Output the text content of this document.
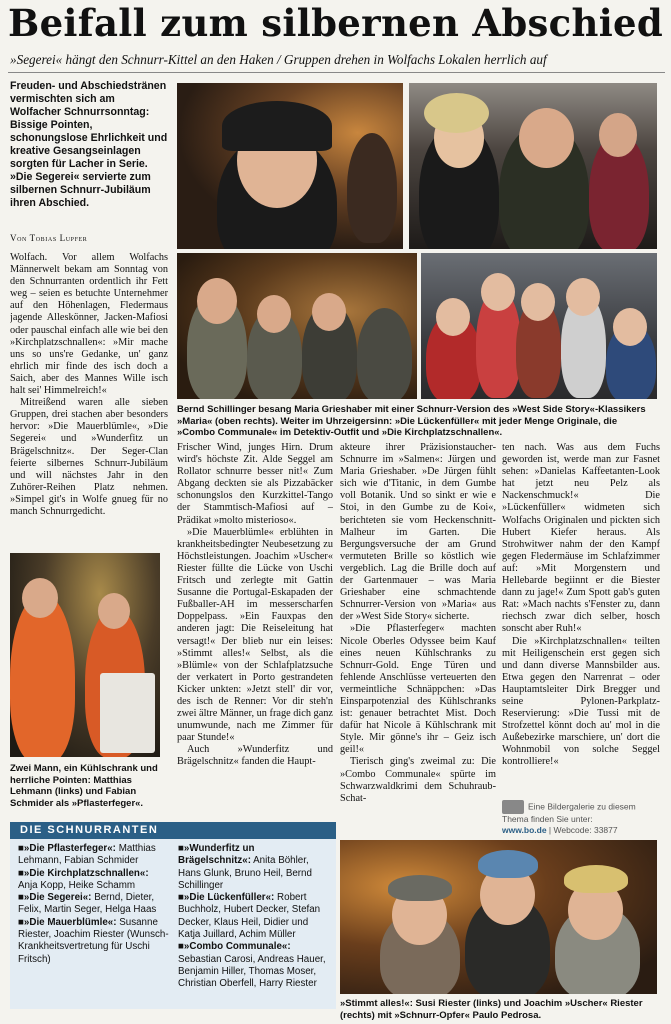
Beifall zum silbernen Abschied
»Segerei« hängt den Schnurr-Kittel an den Haken / Gruppen drehen in Wolfachs Lokalen herrlich auf
Freuden- und Abschiedstränen vermischten sich am Wolfacher Schnurrsonntag: Bissige Pointen, schonungslose Ehrlichkeit und kreative Gesangseinlagen sorgten für Lacher in Serie. »Die Segerei« servierte zum silbernen Schnurr-Jubiläum ihren Abschied.
Von Tobias Lupfer

Wolfach. Vor allem Wolfachs Männerwelt bekam am Sonntag von den Schnurranten ordentlich ihr Fett weg – seien es betuchte Unternehmer auf den Höhenlagen, Fledermaus jagende Alleskönner, Jacken-Mafiosi oder pauschal einfach alle wie bei den »Kirchplatzschnallen«: »Mir mache uns so uns're Gedanke, un' ganz ehrlich mir finde des isch doch a Saich, aber des Mannes Wille isch halt sei' Himmelreich!«

Mitreißend waren alle sieben Gruppen, drei stachen aber besonders hervor: »Die Mauerblümle«, »Die Segerei« und »Wunderfitz un Brägelschnitz«. Der Seger-Clan feierte silbernes Schnurr-Jubiläum und will nächstes Jahr in den Zuhörer-Reihen Platz nehmen. »Simpel git's in Wolfe gnueg für no manch Schnurrgedicht.

Bernd Schillinger besang Maria Grieshaber mit einer Schnurr-Version des »West Side Story«-Klassikers »Maria« (oben rechts). Weiter im Uhrzeigersinn: »Die Lückenfüller« mit jeder Menge Originale, die »Combo Communale« im Detektiv-Outfit und »Die Kirchplatzschnallen«.

Frischer Wind, junges Hirn. Drum wird's höchste Zit. Alde Seggel am Rollator schnurre besser nit!« Zum Abgang deckten sie als Pizzabäcker schonungslos den Kurzkittel-Tango der Stammtisch-Mafiosi auf – Prädikat »molto misterioso«.

»Die Mauerblümle« erblühten in krankheitsbedingter Neubesetzung zu Höchstleistungen. Joachim »Uscher« Riester füllte die Lücke von Uschi Fritsch und zerlegte mit Gattin Susanne die Portugal-Eskapaden der Fußballer-AH im messerscharfen Doppelpass. »Ein Fauxpas den anderen jagt: Die Reiseleitung hat versagt!« Der blieb nur ein leises: »Stimmt alles!« Selbst, als die »Blümle« von der Schlafplatzsuche der verkatert in Porto gestrandeten Kicker unkten: »Jetzt stell' dir vor, des isch de Renner: Vor dir steh'n zwei ältre Männer, un frage dich ganz unumwunde, nach me Zimmer für paar Stunde!«

Auch »Wunderfitz und Brägelschnitz« fanden die Haupt-

akteure ihrer Präzisionstaucher-Schnurre im »Salmen«: Jürgen und Maria Grieshaber. »De Jürgen fühlt sich wie d'Titanic, in dem Gumbe voll Botanik. Und so sinkt er wie e Stoi, in den Gumbe zu de Koi«, berichteten sie vom Heckenschnitt-Malheur im Garten. Die Bergungsversuche der am Grund vermuteten Brille so köstlich wie vergeblich. Lag die Brille doch auf der Gartenmauer – was Maria Grieshaber eine schmachtende Schnurrer-Version von »Maria« aus der »West Side Story« sicherte.

»Die Pflasterfeger« machten Nicole Oberles Odyssee beim Kauf eines neuen Kühlschranks zu Schnurr-Gold. Enge Türen und fehlende Anschlüsse verteuerten den vermeintliche Schnäppchen: »Das Einsparpotenzial des Kühlschranks ist: genauer betrachtet Mist. Doch dafür hat Nicole ä Kühlschrank mit Style. Mir gönne's ihr – Geiz isch geil!«

Tierisch ging's zweimal zu: Die »Combo Communale« spürte im Schwarzwaldkrimi dem Schuhraub-Schat-

ten nach. Was aus dem Fuchs geworden ist, werde man zur Fasnet sehen: »Danielas Kaffeetanten-Look hat jetzt neu Pelz als Nackenschmuck!« Die »Lückenfüller« widmeten sich Wolfachs Originalen und pickten sich Hubert Kiefer heraus. Als Strohwitwer nahm der den Kampf gegen Fledermäuse im Schlafzimmer auf: »Mit Morgenstern und Hellebarde begiinnt er die Biester dann zu jage!« Zum Spott gab's guten Rat: »Mach nachts s'Fenster zu, dann riechsch zwar dich selber, hosch sonscht aber Ruh!«

Die »Kirchplatzschnallen« teilten mit Heiligenschein erst gegen sich und dann diverse Mannsbilder aus. Etwa gegen den Narrenrat – oder Hauptamtsleiter Dirk Bregger und seine Pylonen-Parkplatz-Reservierung: »Die Tussi mit de Strofzettel könnt doch au' mol in die Außebezirke marschiere, un' dort die Wohnmobil von solche Seggel kontrolliere!«

Eine Bildergalerie zu diesem Thema finden Sie unter:
www.bo.de | Webcode: 33877
Zwei Mann, ein Kühlschrank und herrliche Pointen: Matthias Lehmann (links) und Fabian Schmider als »Pflasterfeger«.
DIE SCHNURRANTEN
■»Die Pflasterfeger«: Matthias Lehmann, Fabian Schmider
■»Die Kirchplatzschnallen«: Anja Kopp, Heike Schamm
■»Die Segerei«: Bernd, Dieter, Felix, Martin Seger, Helga Haas
■»Die Mauerblümle«: Susanne Riester, Joachim Riester (Wunsch-Krankheitsvertretung für Uschi Fritsch)
■»Wunderfitz un Brägelschnitz«: Anita Böhler, Hans Glunk, Bruno Heil, Bernd Schillinger
■»Die Lückenfüller«: Robert Buchholz, Hubert Decker, Stefan Decker, Klaus Heil, Didier und Katja Juillard, Achim Müller
■»Combo Communale«: Sebastian Carosi, Andreas Hauer, Benjamin Hiller, Thomas Moser, Christian Oberfell, Harry Riester
»Stimmt alles!«: Susi Riester (links) und Joachim »Uscher« Riester (rechts) mit »Schnurr-Opfer« Paulo Pedrosa.
